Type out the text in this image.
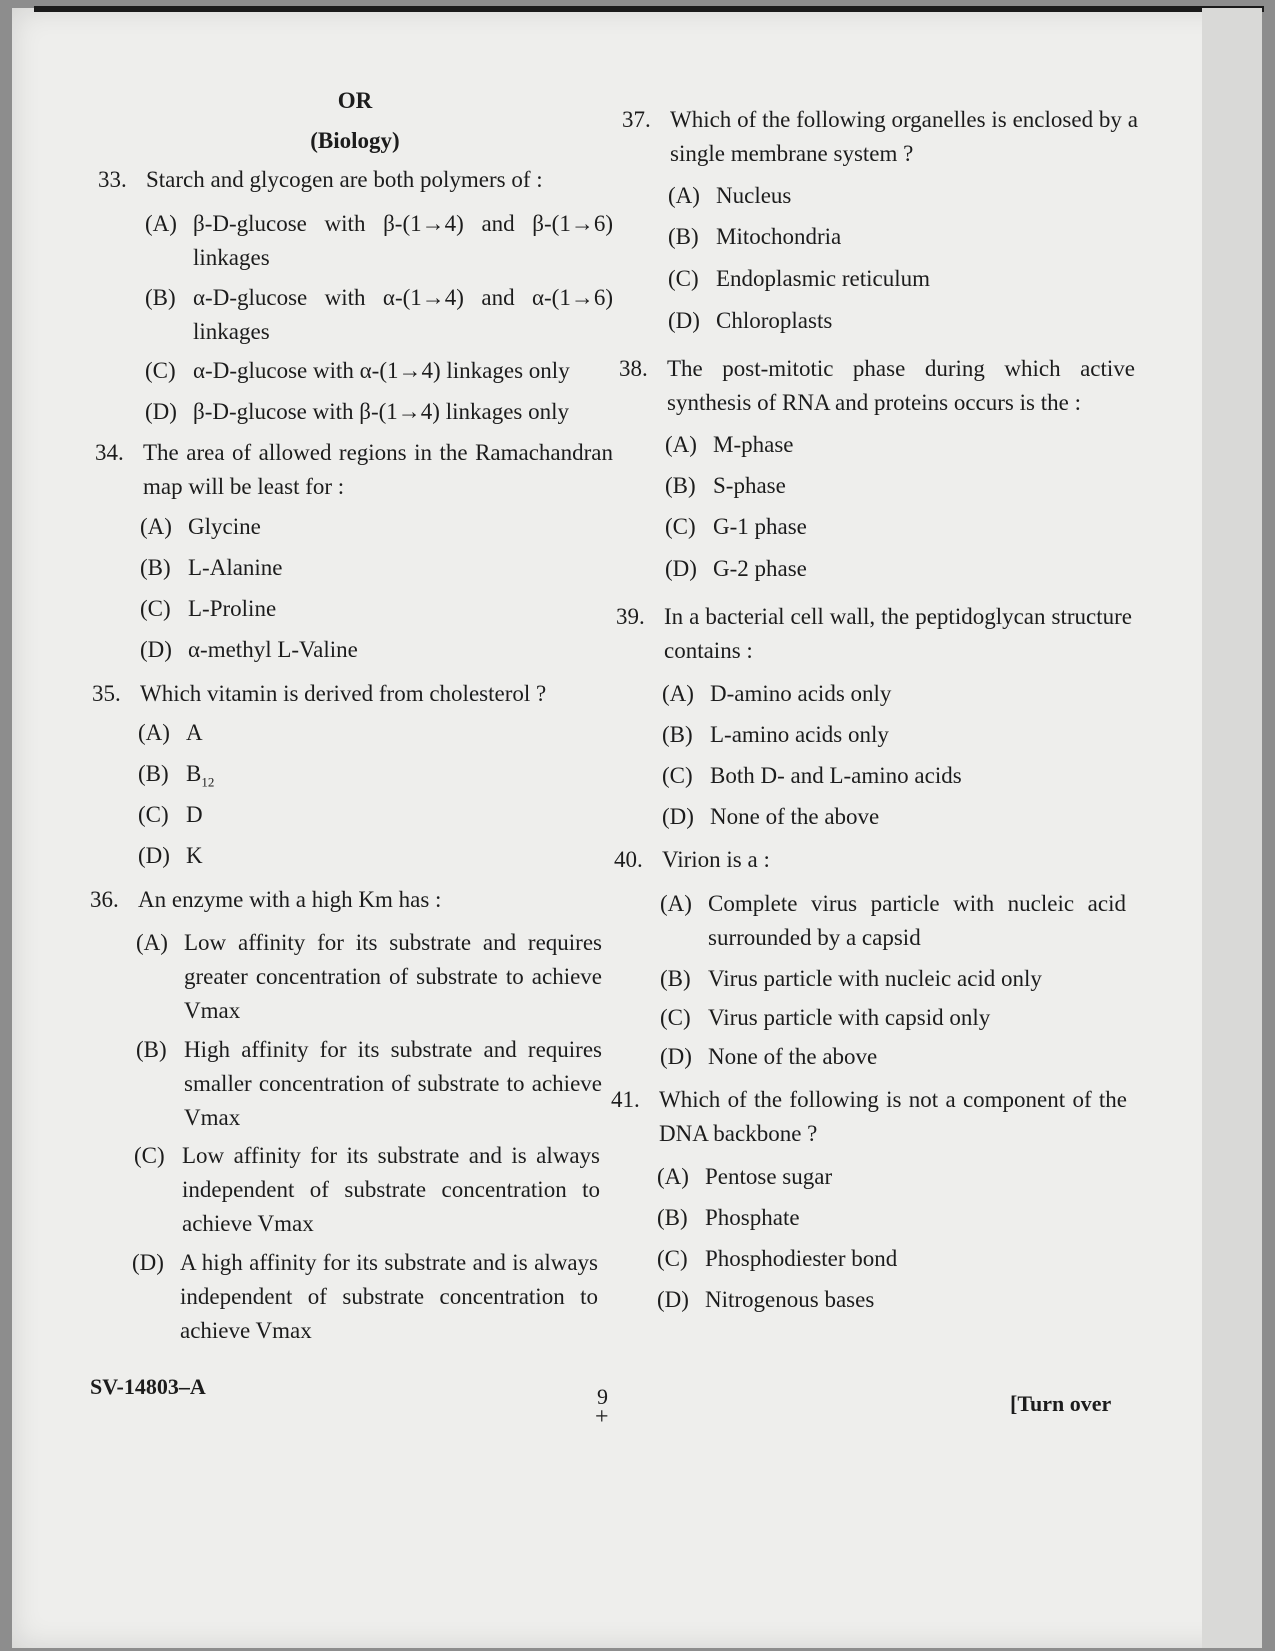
OR
(Biology)
33. Starch and glycogen are both polymers of :
(A) β-D-glucose with β-(1→4) and β-(1→6) linkages
(B) α-D-glucose with α-(1→4) and α-(1→6) linkages
(C) α-D-glucose with α-(1→4) linkages only
(D) β-D-glucose with β-(1→4) linkages only
34. The area of allowed regions in the Ramachandran map will be least for :
(A) Glycine
(B) L-Alanine
(C) L-Proline
(D) α-methyl L-Valine
35. Which vitamin is derived from cholesterol ?
(A) A
(B) $B_{12}$
(C) D
(D) K
36. An enzyme with a high Km has :
(A) Low affinity for its substrate and requires greater concentration of substrate to achieve Vmax
(B) High affinity for its substrate and requires smaller concentration of substrate to achieve Vmax
(C) Low affinity for its substrate and is always independent of substrate concentration to achieve Vmax
(D) A high affinity for its substrate and is always independent of substrate concentration to achieve Vmax
37. Which of the following organelles is enclosed by a single membrane system ?
(A) Nucleus
(B) Mitochondria
(C) Endoplasmic reticulum
(D) Chloroplasts
38. The post-mitotic phase during which active synthesis of RNA and proteins occurs is the :
(A) M-phase
(B) S-phase
(C) G-1 phase
(D) G-2 phase
39. In a bacterial cell wall, the peptidoglycan structure contains :
(A) D-amino acids only
(B) L-amino acids only
(C) Both D- and L-amino acids
(D) None of the above
40. Virion is a :
(A) Complete virus particle with nucleic acid surrounded by a capsid
(B) Virus particle with nucleic acid only
(C) Virus particle with capsid only
(D) None of the above
41. Which of the following is not a component of the DNA backbone ?
(A) Pentose sugar
(B) Phosphate
(C) Phosphodiester bond
(D) Nitrogenous bases
SV-14803–A	9
+
[Turn over
